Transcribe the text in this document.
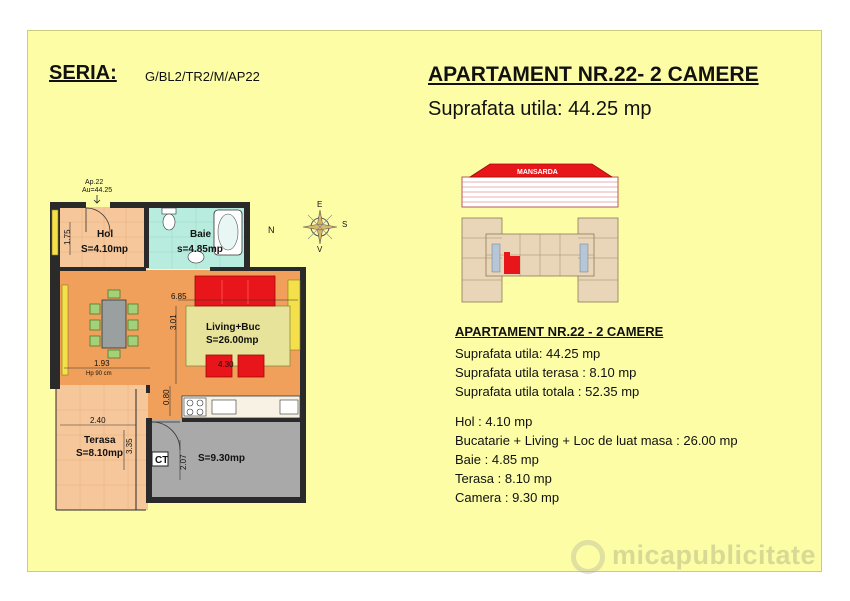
SERIA: G/BL2/TR2/M/AP22	APARTAMENT NR.22- 2 CAMERE
Suprafata utila: 44.25 mp
CT
Hol
S=4.10mp
Baie
s=4.85mp
Living+Buc
S=26.00mp
Terasa
S=8.10mp	S=9.30mp
Ap.22
Au=44.25
6.85
3.01
1.93
Hp 90 cm
4.30
0.80
2.40
3.35
2.07
1.75	N
E
S
V
MANSARDA
APARTAMENT NR.22 - 2 CAMERE
Suprafata utila: 44.25 mp
Suprafata utila terasa : 8.10 mp
Suprafata utila totala : 52.35 mp
Hol : 4.10 mp
Bucatarie + Living + Loc de luat masa : 26.00 mp
Baie : 4.85 mp
Terasa : 8.10 mp
Camera : 9.30 mp
micapublicitate
